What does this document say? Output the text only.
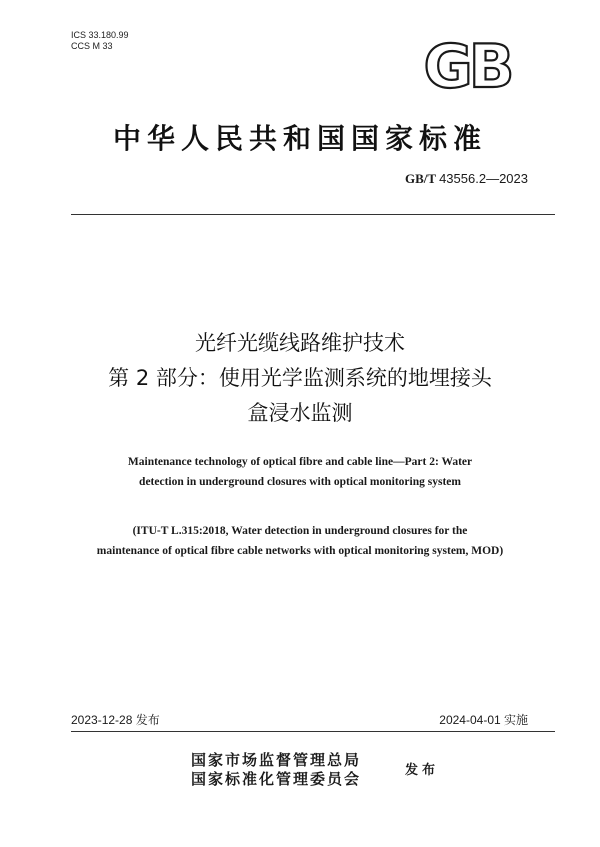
ICS 33.180.99
CCS M 33	GB
中华人民共和国国家标准
GB/T 43556.2—2023
光纤光缆线路维护技术
第 2 部分：使用光学监测系统的地埋接头
盒浸水监测
Maintenance technology of optical fibre and cable line—Part 2: Water
detection in underground closures with optical monitoring system
(ITU-T L.315:2018, Water detection in underground closures for the
maintenance of optical fibre cable networks with optical monitoring system, MOD)
2023-12-28 发布	2024-04-01 实施
国家市场监督管理总局
国家标准化管理委员会	发布
